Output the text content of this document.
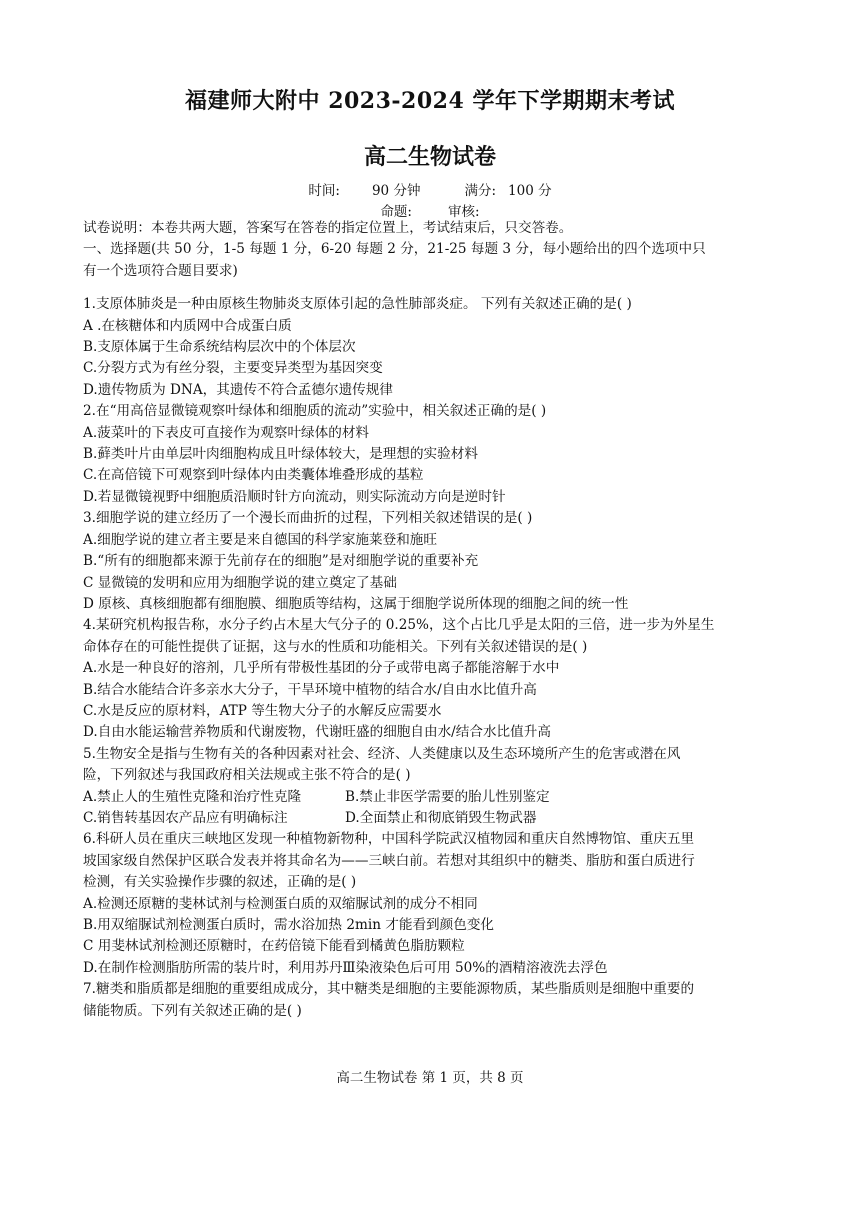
福建师大附中 2023-2024 学年下学期期末考试
高二生物试卷
时间: 90 分钟	满分: 100 分
命题:	审核:

试卷说明：本卷共两大题，答案写在答卷的指定位置上，考试结束后，只交答卷。

一、选择题(共 50 分，1-5 每题 1 分，6-20 每题 2 分，21-25 每题 3 分，每小题给出的四个选项中只

有一个选项符合题目要求)

1.支原体肺炎是一种由原核生物肺炎支原体引起的急性肺部炎症。 下列有关叙述正确的是( )

A .在核糖体和内质网中合成蛋白质

B.支原体属于生命系统结构层次中的个体层次

C.分裂方式为有丝分裂，主要变异类型为基因突变

D.遗传物质为 DNA，其遗传不符合孟德尔遗传规律

2.在“用高倍显微镜观察叶绿体和细胞质的流动”实验中，相关叙述正确的是( )

A.菠菜叶的下表皮可直接作为观察叶绿体的材料

B.藓类叶片由单层叶肉细胞构成且叶绿体较大，是理想的实验材料

C.在高倍镜下可观察到叶绿体内由类囊体堆叠形成的基粒

D.若显微镜视野中细胞质沿顺时针方向流动，则实际流动方向是逆时针

3.细胞学说的建立经历了一个漫长而曲折的过程，下列相关叙述错误的是( )

A.细胞学说的建立者主要是来自德国的科学家施莱登和施旺

B.“所有的细胞都来源于先前存在的细胞”是对细胞学说的重要补充

C 显微镜的发明和应用为细胞学说的建立奠定了基础

D 原核、真核细胞都有细胞膜、细胞质等结构，这属于细胞学说所体现的细胞之间的统一性

4.某研究机构报告称，水分子约占木星大气分子的 0.25%，这个占比几乎是太阳的三倍，进一步为外星生

命体存在的可能性提供了证据，这与水的性质和功能相关。下列有关叙述错误的是( )

A.水是一种良好的溶剂，几乎所有带极性基团的分子或带电离子都能溶解于水中

B.结合水能结合许多亲水大分子，干旱环境中植物的结合水/自由水比值升高

C.水是反应的原材料，ATP 等生物大分子的水解反应需要水

D.自由水能运输营养物质和代谢废物，代谢旺盛的细胞自由水/结合水比值升高

5.生物安全是指与生物有关的各种因素对社会、经济、人类健康以及生态环境所产生的危害或潜在风

险，下列叙述与我国政府相关法规或主张不符合的是( )

A.禁止人的生殖性克隆和治疗性克隆	B.禁止非医学需要的胎儿性别鉴定
C.销售转基因农产品应有明确标注	D.全面禁止和彻底销毁生物武器

6.科研人员在重庆三峡地区发现一种植物新物种，中国科学院武汉植物园和重庆自然博物馆、重庆五里

坡国家级自然保护区联合发表并将其命名为——三峡白前。若想对其组织中的糖类、脂肪和蛋白质进行

检测，有关实验操作步骤的叙述，正确的是( )

A.检测还原糖的斐林试剂与检测蛋白质的双缩脲试剂的成分不相同

B.用双缩脲试剂检测蛋白质时，需水浴加热 2min 才能看到颜色变化

C 用斐林试剂检测还原糖时，在药倍镜下能看到橘黄色脂肪颗粒

D.在制作检测脂肪所需的装片时，利用苏丹Ⅲ染液染色后可用 50%的酒精溶液洗去浮色

7.糖类和脂质都是细胞的重要组成成分，其中糖类是细胞的主要能源物质，某些脂质则是细胞中重要的

储能物质。下列有关叙述正确的是( )

高二生物试卷 第 1 页，共 8 页
